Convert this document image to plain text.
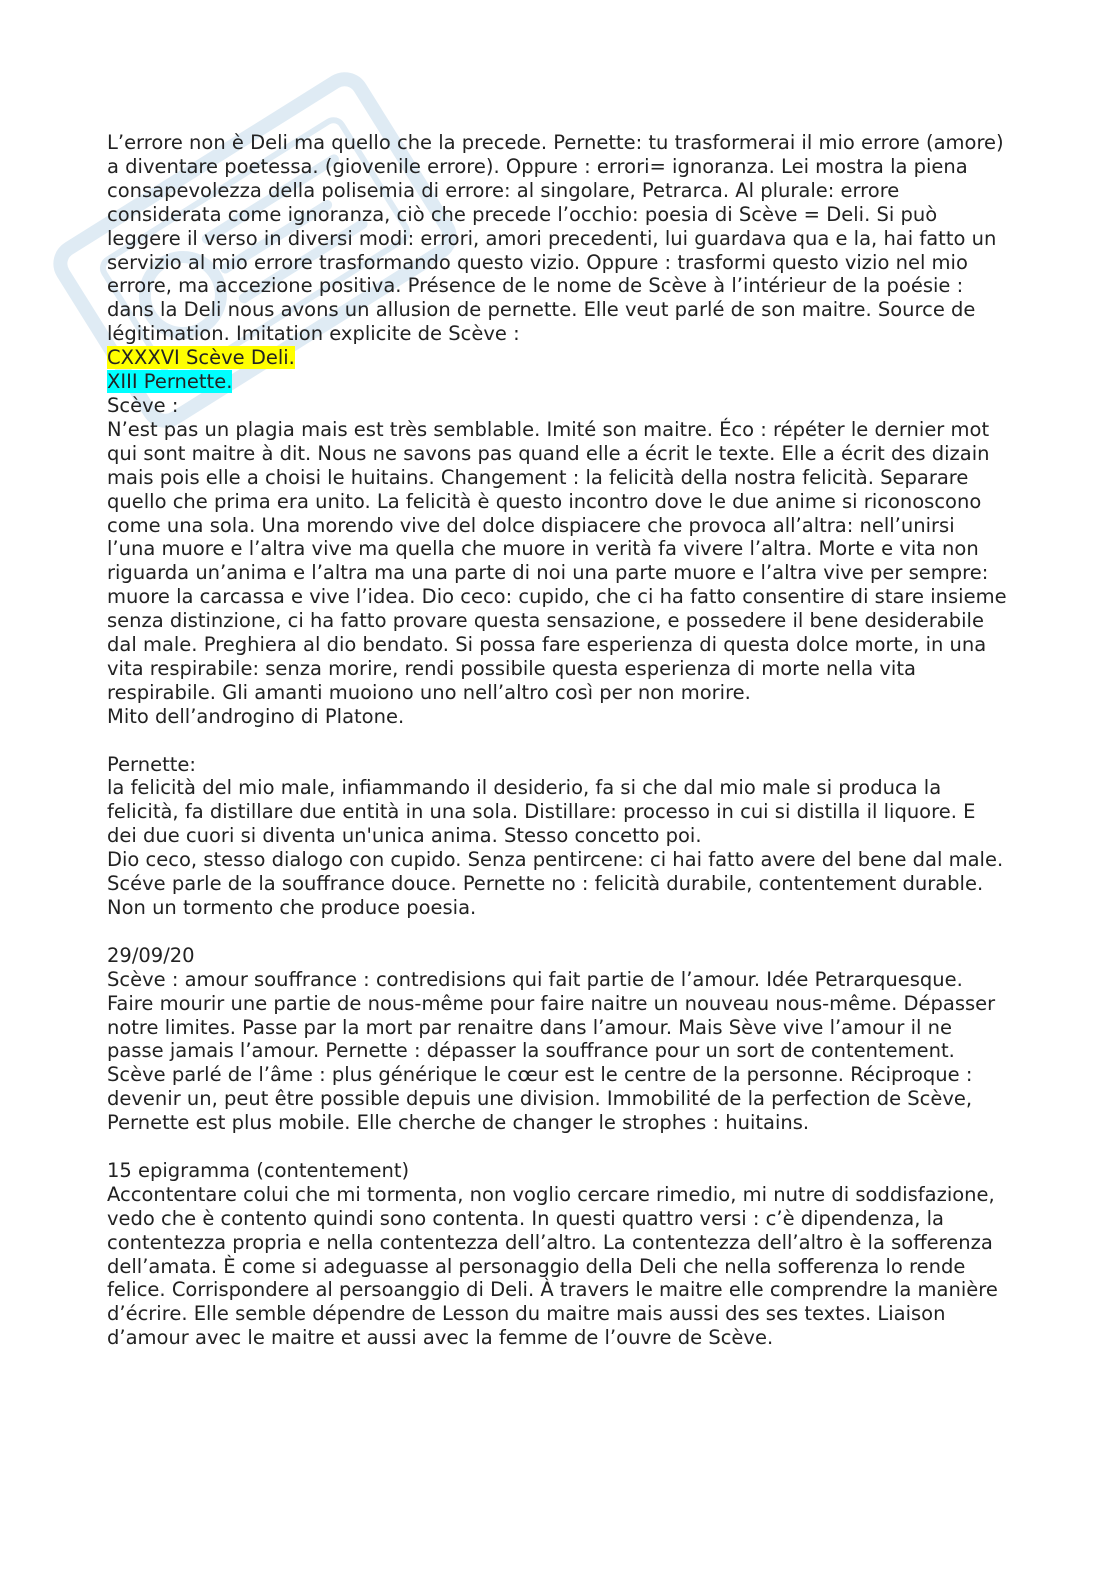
L’errore non è Deli ma quello che la precede. Pernette: tu trasformerai il mio errore (amore) a diventare poetessa. (giovenile errore). Oppure : errori= ignoranza. Lei mostra la piena consapevolezza della polisemia di errore: al singolare, Petrarca. Al plurale: errore considerata come ignoranza, ciò che precede l’occhio: poesia di Scève = Deli. Si può leggere il verso in diversi modi: errori, amori precedenti, lui guardava qua e la, hai fatto un servizio al mio errore trasformando questo vizio. Oppure : trasformi questo vizio nel mio errore, ma accezione positiva. Présence de le nome de Scève à l’intérieur de la poésie : dans la Deli nous avons un allusion de pernette. Elle veut parlé de son maitre. Source de légitimation. Imitation explicite de Scève :

CXXXVI Scève Deli.

XIII Pernette.

Scève :

N’est pas un plagia mais est très semblable. Imité son maitre. Éco : répéter le dernier mot qui sont maitre à dit. Nous ne savons pas quand elle a écrit le texte. Elle a écrit des dizain mais pois elle a choisi le huitains. Changement : la felicità della nostra felicità. Separare quello che prima era unito. La felicità è questo incontro dove le due anime si riconoscono come una sola. Una morendo vive del dolce dispiacere che provoca all’altra: nell’unirsi l’una muore e l’altra vive ma quella che muore in verità fa vivere l’altra. Morte e vita non riguarda un’anima e l’altra ma una parte di noi una parte muore e l’altra vive per sempre: muore la carcassa e vive l’idea. Dio ceco: cupido, che ci ha fatto consentire di stare insieme senza distinzione, ci ha fatto provare questa sensazione, e possedere il bene desiderabile dal male. Preghiera al dio bendato. Si possa fare esperienza di questa dolce morte, in una vita respirabile: senza morire, rendi possibile questa esperienza di morte nella vita respirabile. Gli amanti muoiono uno nell’altro così per non morire.

Mito dell’androgino di Platone.

Pernette:

la felicità del mio male, infiammando il desiderio, fa si che dal mio male si produca la felicità, fa distillare due entità in una sola. Distillare: processo in cui si distilla il liquore. E dei due cuori si diventa un'unica anima. Stesso concetto poi.

Dio ceco, stesso dialogo con cupido. Senza pentircene: ci hai fatto avere del bene dal male.

Scéve parle de la souffrance douce. Pernette no : felicità durabile, contentement durable. Non un tormento che produce poesia.

29/09/20

Scève : amour souffrance : contredisions qui fait partie de l’amour. Idée Petrarquesque. Faire mourir une partie de nous-même pour faire naitre un nouveau nous-même. Dépasser notre limites. Passe par la mort par renaitre dans l’amour. Mais Sève vive l’amour il ne passe jamais l’amour. Pernette : dépasser la souffrance pour un sort de contentement. Scève parlé de l’âme : plus générique le cœur est le centre de la personne. Réciproque : devenir un, peut être possible depuis une division. Immobilité de la perfection de Scève, Pernette est plus mobile. Elle cherche de changer le strophes : huitains.

15 epigramma (contentement)

Accontentare colui che mi tormenta, non voglio cercare rimedio, mi nutre di soddisfazione, vedo che è contento quindi sono contenta. In questi quattro versi : c’è dipendenza, la contentezza propria e nella contentezza dell’altro. La contentezza dell’altro è la sofferenza dell’amata. È come si adeguasse al personaggio della Deli che nella sofferenza lo rende felice. Corrispondere al persoanggio di Deli. À travers le maitre elle comprendre la manière d’écrire. Elle semble dépendre de Lesson du maitre mais aussi des ses textes. Liaison d’amour avec le maitre et aussi avec la femme de l’ouvre de Scève.
